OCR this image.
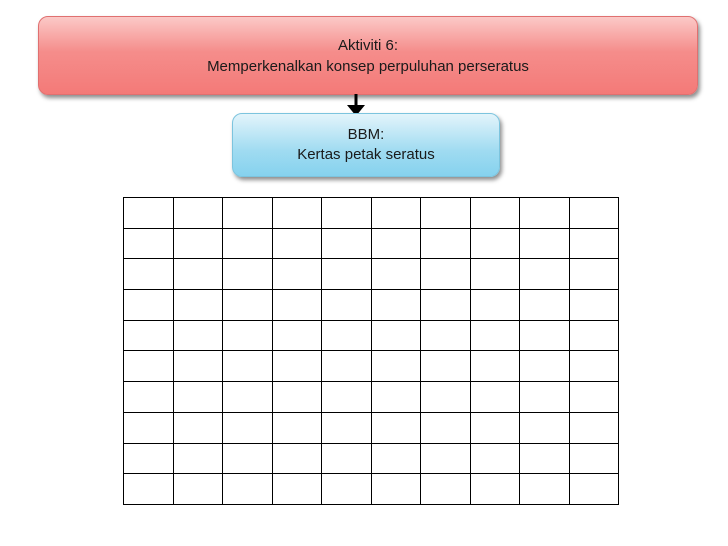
Aktiviti 6:
Memperkenalkan konsep perpuluhan perseratus
BBM:
Kertas petak seratus
